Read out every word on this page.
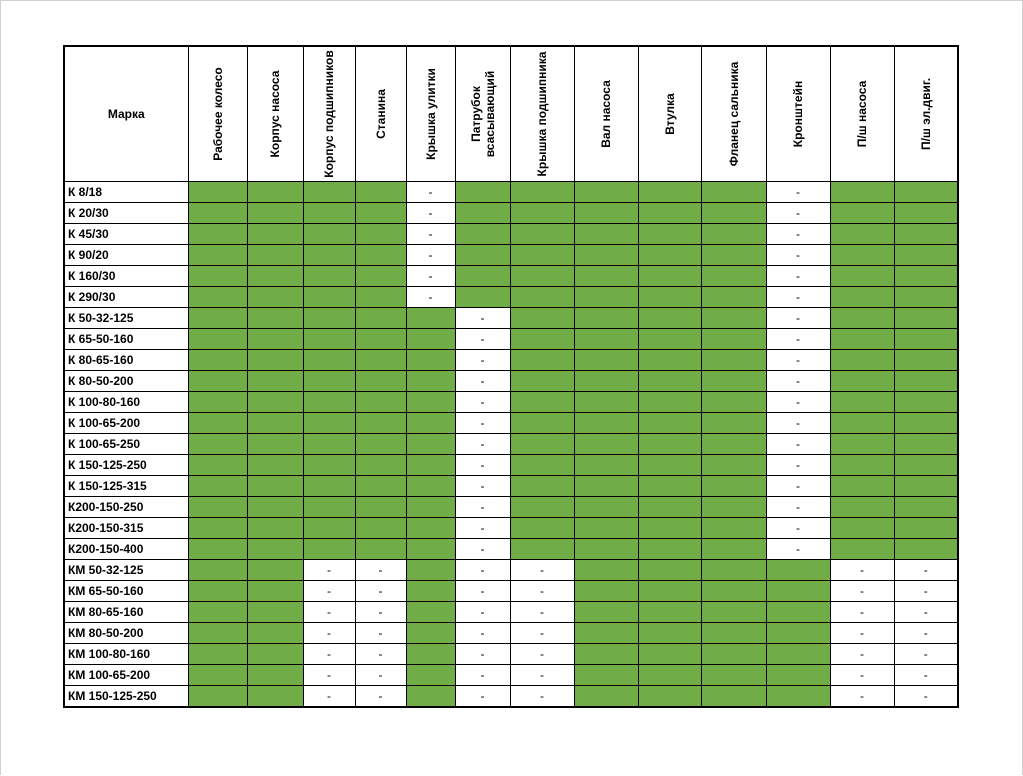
Марка	Рабочее колесо	Корпус насоса	Корпус подшипников	Станина	Крышка улитки	Патрубок всасывающий	Крышка подшипника	Вал насоса	Втулка	Фланец сальника	Кронштейн	П/ш насоса	П/ш эл.двиг.

К 8/18					-						-		
К 20/30					-						-		
К 45/30					-						-		
К 90/20					-						-		
К 160/30					-						-		
К 290/30					-						-		
К 50-32-125						-					-		
К 65-50-160						-					-		
К 80-65-160						-					-		
К 80-50-200						-					-		
К 100-80-160						-					-		
К 100-65-200						-					-		
К 100-65-250						-					-		
К 150-125-250						-					-		
К 150-125-315						-					-		
К200-150-250						-					-		
К200-150-315						-					-		
К200-150-400						-					-		
КМ 50-32-125			-	-		-	-					-	-
КМ 65-50-160			-	-		-	-					-	-
КМ 80-65-160			-	-		-	-					-	-
КМ 80-50-200			-	-		-	-					-	-
КМ 100-80-160			-	-		-	-					-	-
КМ 100-65-200			-	-		-	-					-	-
КМ 150-125-250			-	-		-	-					-	-
